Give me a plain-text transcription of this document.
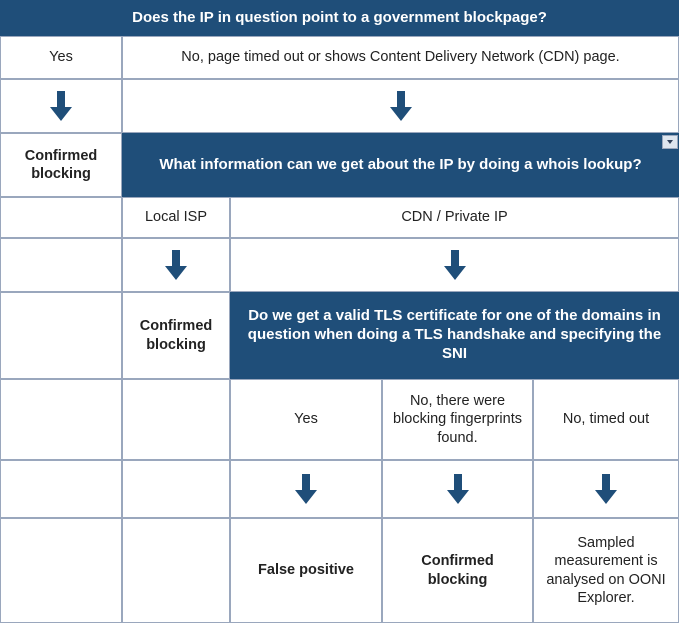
Does the IP in question point to a government blockpage?
Yes	No, page timed out or shows Content Delivery Network (CDN) page.
Confirmed
blocking
What information can we get about the IP by doing a whois lookup?
Local ISP	CDN / Private IP
Confirmed
blocking
Do we get a valid TLS certificate for one of the domains in question when doing a TLS handshake and specifying the SNI
Yes
No, there were blocking fingerprints found.
No, timed out
False positive
Confirmed
blocking
Sampled measurement is analysed on OONI Explorer.
